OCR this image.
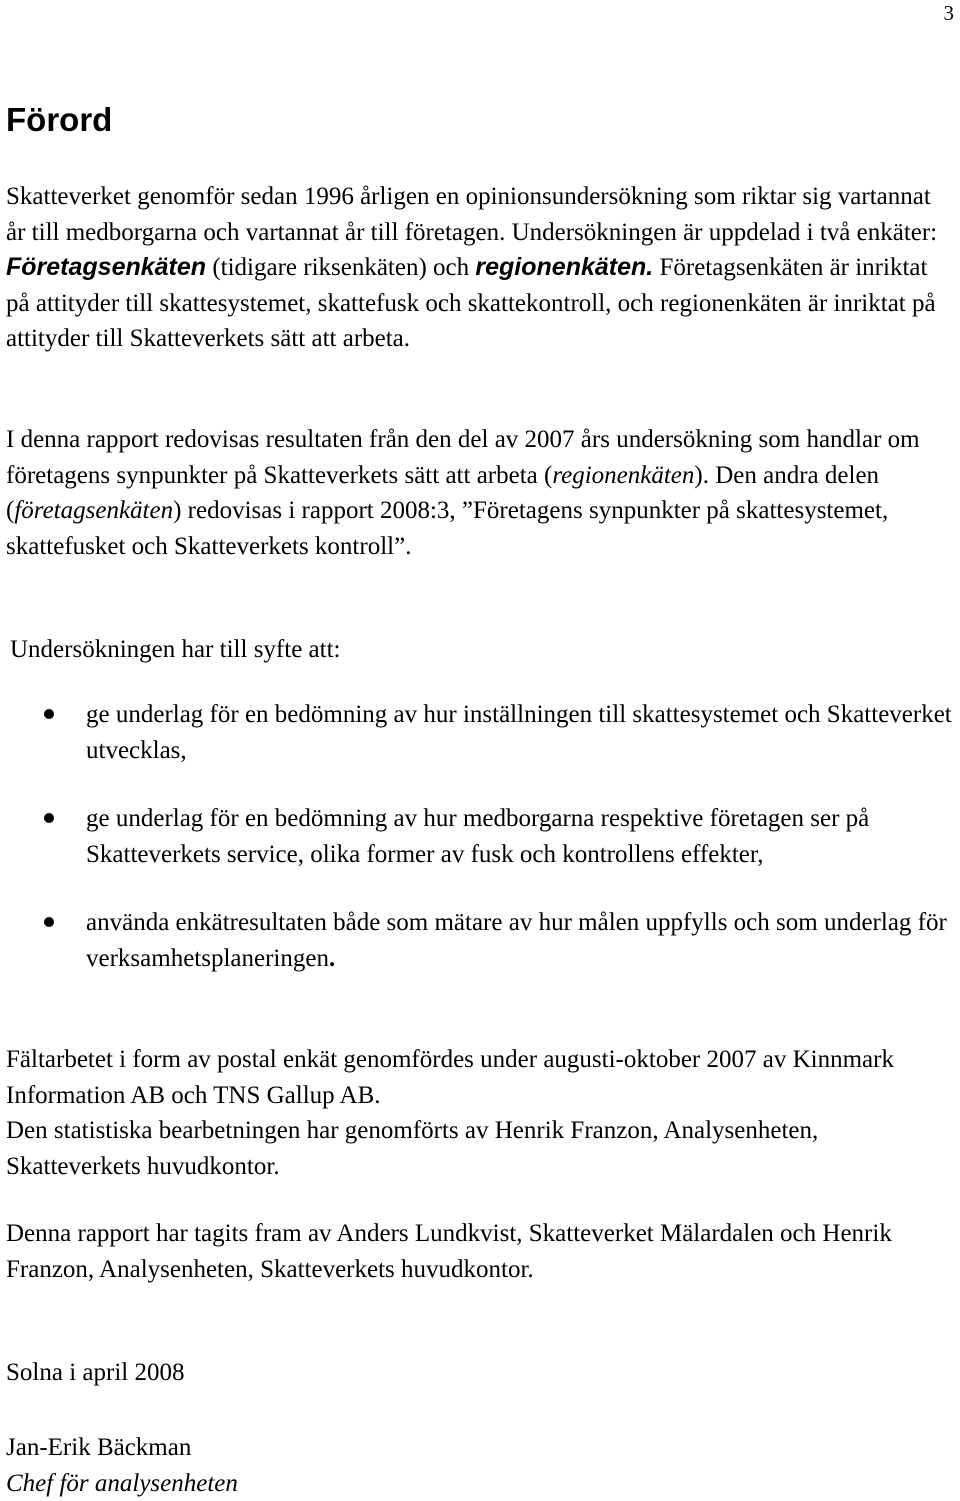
3
Förord

Skatteverket genomför sedan 1996 årligen en opinionsundersökning som riktar sig vartannat år till medborgarna och vartannat år till företagen. Undersökningen är uppdelad i två enkäter: Företagsenkäten (tidigare riksenkäten) och regionenkäten. Företagsenkäten är inriktat på attityder till skattesystemet, skattefusk och skattekontroll, och regionenkäten är inriktat på attityder till Skatteverkets sätt att arbeta.

I denna rapport redovisas resultaten från den del av 2007 års undersökning som handlar om företagens synpunkter på Skatteverkets sätt att arbeta (regionenkäten). Den andra delen (företagsenkäten) redovisas i rapport 2008:3, ”Företagens synpunkter på skattesystemet, skattefusket och Skatteverkets kontroll”.

Undersökningen har till syfte att:

ge underlag för en bedömning av hur inställningen till skattesystemet och Skatteverket utvecklas,
ge underlag för en bedömning av hur medborgarna respektive företagen ser på Skatteverkets service, olika former av fusk och kontrollens effekter,
använda enkätresultaten både som mätare av hur målen uppfylls och som underlag för verksamhetsplaneringen.

Fältarbetet i form av postal enkät genomfördes under augusti-oktober 2007 av Kinnmark Information AB och TNS Gallup AB.
Den statistiska bearbetningen har genomförts av Henrik Franzon, Analysenheten, Skatteverkets huvudkontor.

Denna rapport har tagits fram av Anders Lundkvist, Skatteverket Mälardalen och Henrik Franzon, Analysenheten, Skatteverkets huvudkontor.

Solna i april 2008

Jan-Erik Bäckman
Chef för analysenheten
